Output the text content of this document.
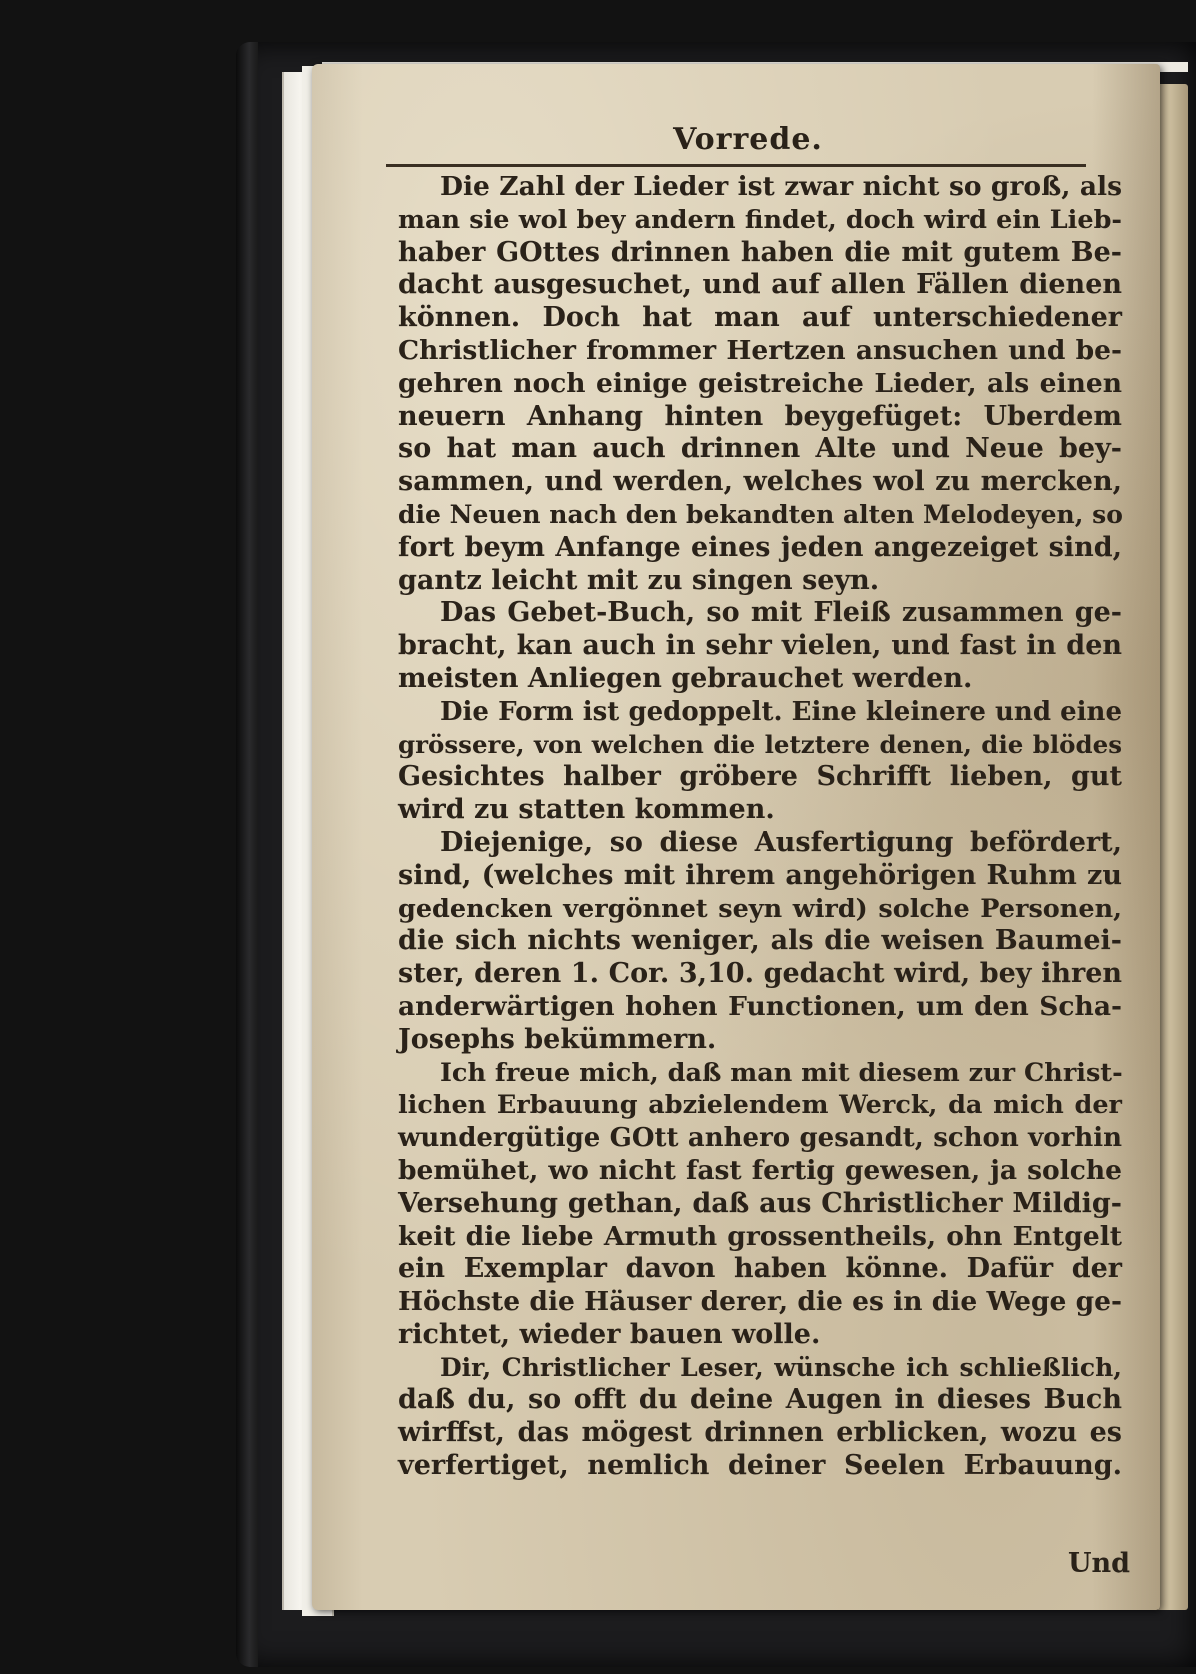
Vorrede.
Die Zahl der Lieder ist zwar nicht so groß, als
man sie wol bey andern findet, doch wird ein Lieb-
haber GOttes drinnen haben die mit gutem Be-
dacht ausgesuchet, und auf allen Fällen dienen
können. Doch hat man auf unterschiedener
Christlicher frommer Hertzen ansuchen und be-
gehren noch einige geistreiche Lieder, als einen
neuern Anhang hinten beygefüget: Uberdem
so hat man auch drinnen Alte und Neue bey-
sammen, und werden, welches wol zu mercken,
die Neuen nach den bekandten alten Melodeyen, so
fort beym Anfange eines jeden angezeiget sind,
gantz leicht mit zu singen seyn.
Das Gebet-Buch, so mit Fleiß zusammen ge-
bracht, kan auch in sehr vielen, und fast in den
meisten Anliegen gebrauchet werden.
Die Form ist gedoppelt. Eine kleinere und eine
grössere, von welchen die letztere denen, die blödes
Gesichtes halber gröbere Schrifft lieben, gut
wird zu statten kommen.
Diejenige, so diese Ausfertigung befördert,
sind, (welches mit ihrem angehörigen Ruhm zu
gedencken vergönnet seyn wird) solche Personen,
die sich nichts weniger, als die weisen Baumei-
ster, deren 1. Cor. 3,10. gedacht wird, bey ihren
anderwärtigen hohen Functionen, um den Scha-
Josephs bekümmern.
Ich freue mich, daß man mit diesem zur Christ-
lichen Erbauung abzielendem Werck, da mich der
wundergütige GOtt anhero gesandt, schon vorhin
bemühet, wo nicht fast fertig gewesen, ja solche
Versehung gethan, daß aus Christlicher Mildig-
keit die liebe Armuth grossentheils, ohn Entgelt
ein Exemplar davon haben könne. Dafür der
Höchste die Häuser derer, die es in die Wege ge-
richtet, wieder bauen wolle.
Dir, Christlicher Leser, wünsche ich schließlich,
daß du, so offt du deine Augen in dieses Buch
wirffst, das mögest drinnen erblicken, wozu es
verfertiget, nemlich deiner Seelen Erbauung.
Und
